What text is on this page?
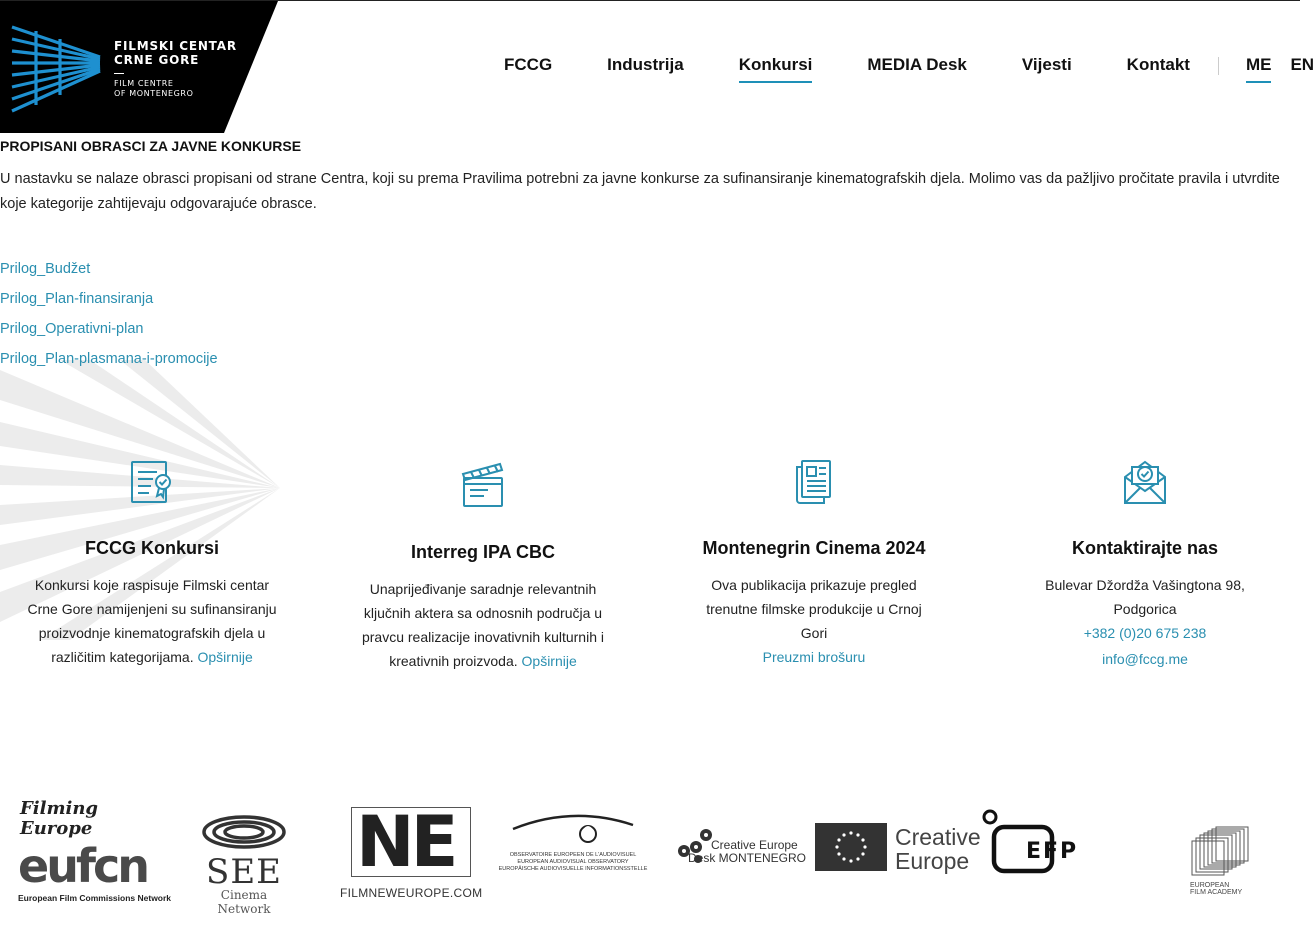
FILMSKI CENTAR
CRNE GORE
FILM CENTRE
OF MONTENEGRO
FCCG	Industrija	Konkursi	MEDIA Desk	Vijesti	Kontakt	ME EN
PROPISANI OBRASCI ZA JAVNE KONKURSE

U nastavku se nalaze obrasci propisani od strane Centra, koji su prema Pravilima potrebni za javne konkurse za sufinansiranje kinematografskih djela. Molimo vas da pažljivo pročitate pravila i utvrdite koje kategorije zahtijevaju odgovarajuće obrasce.

Prilog_Budžet
Prilog_Plan-finansiranja
Prilog_Operativni-plan
Prilog_Plan-plasmana-i-promocije
FCCG Konkursi

Konkursi koje raspisuje Filmski centar Crne Gore namijenjeni su sufinansiranju proizvodnje kinematografskih djela u različitim kategorijama. Opširnije

Interreg IPA CBC

Unaprijeđivanje saradnje relevantnih ključnih aktera sa odnosnih područja u pravcu realizacije inovativnih kulturnih i kreativnih proizvoda. Opširnije

Montenegrin Cinema 2024

Ova publikacija prikazuje pregled trenutne filmske produkcije u Crnoj Gori

Preuzmi brošuru
Kontaktirajte nas

Bulevar Džordža Vašingtona 98, Podgorica

+382 (0)20 675 238
info@fccg.me
Filming Europe
eufcn
European Film Commissions Network
SEE
Cinema Network
NE
FILMNEWEUROPE.COM
OBSERVATOIRE EUROPEEN DE L'AUDIOVISUEL
EUROPEAN AUDIOVISUAL OBSERVATORY
EUROPÄISCHE AUDIOVISUELLE INFORMATIONSSTELLE
Creative Europe
Desk MONTENEGRO
Creative
Europe	EFP
EUROPEAN
FILM ACADEMY
